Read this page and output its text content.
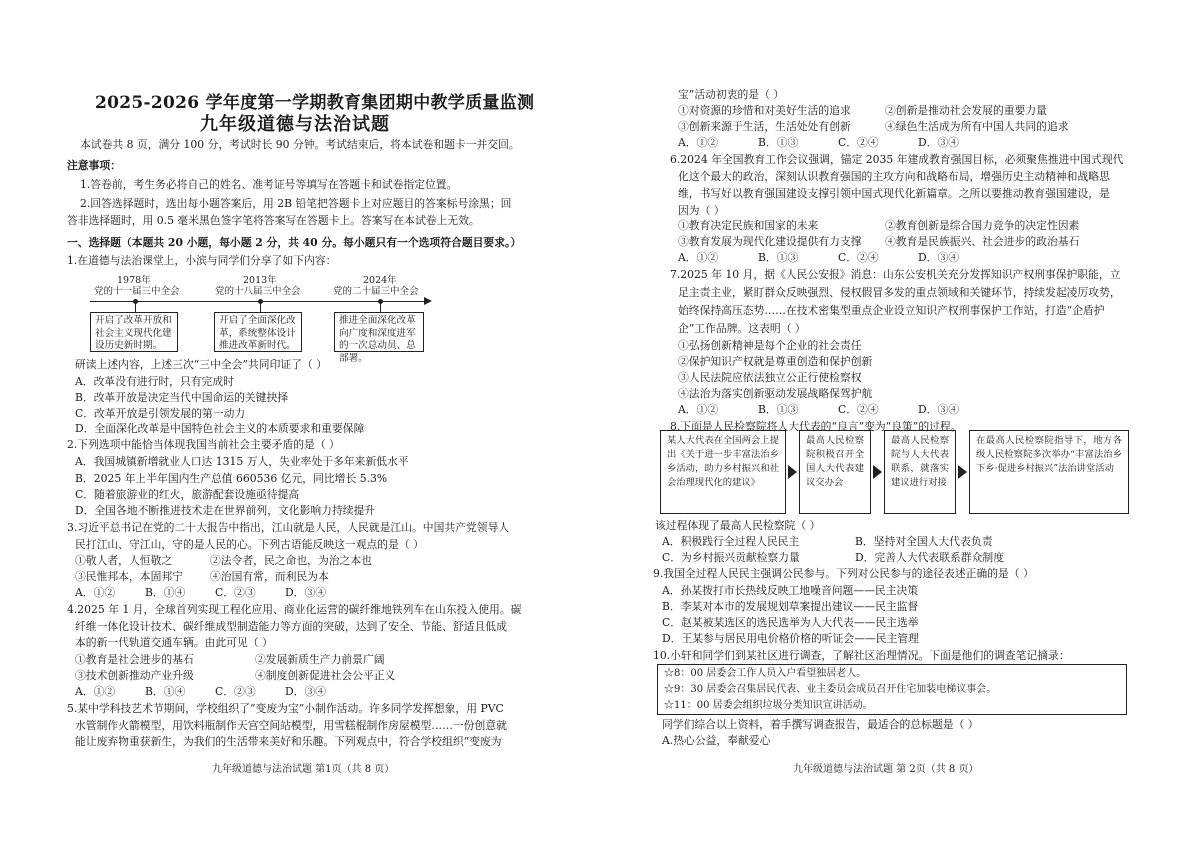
2025-2026 学年度第一学期教育集团期中教学质量监测
九年级道德与法治试题
本试卷共 8 页，满分 100 分，考试时长 90 分钟。考试结束后，将本试卷和题卡一并交回。
注意事项：
1.答卷前，考生务必将自己的姓名、准考证号等填写在答题卡和试卷指定位置。
2.回答选择题时，选出每小题答案后，用 2B 铅笔把答题卡上对应题目的答案标号涂黑；回
答非选择题时，用 0.5 毫米黑色签字笔将答案写在答题卡上。答案写在本试卷上无效。
一、选择题（本题共 20 小题，每小题 2 分，共 40 分。每小题只有一个选项符合题目要求。）
1.在道德与法治课堂上，小滨与同学们分享了如下内容：
1978年	2013年	2024年
党的十一届三中全会	党的十八届三中全会	党的二十届三中全会
开启了改革开放和社会主义现代化建设历史新时期。
开启了全面深化改革，系统整体设计推进改革新时代。
推进全面深化改革向广度和深度进军的一次总动员、总部署。
研读上述内容，上述三次“三中全会”共同印证了（ ）
A．改革没有进行时，只有完成时
B．改革开放是决定当代中国命运的关键抉择
C．改革开放是引领发展的第一动力
D．全面深化改革是中国特色社会主义的本质要求和重要保障
2.下列选项中能恰当体现我国当前社会主要矛盾的是（ ）
A．我国城镇新增就业人口达 1315 万人，失业率处于多年来新低水平
B．2025 年上半年国内生产总值 660536 亿元，同比增长 5.3%
C．随着旅游业的红火，旅游配套设施亟待提高
D．全国各地不断推进技术走在世界前列，文化影响力持续提升
3.习近平总书记在党的二十大报告中指出，江山就是人民，人民就是江山。中国共产党领导人
民打江山、守江山，守的是人民的心。下列古语能反映这一观点的是（ ）
①敬人者，人恒敬之	②法令者，民之命也，为治之本也
③民惟邦本，本固邦宁	④治国有常，而利民为本
A．①②	B．①④	C．②③	D．③④
4.2025 年 1 月，全球首列实现工程化应用、商业化运营的碳纤维地铁列车在山东投入使用。碳
纤维一体化设计技术、碳纤维成型制造能力等方面的突破，达到了安全、节能、舒适且低成
本的新一代轨道交通车辆。由此可见（ ）
①教育是社会进步的基石	②发展新质生产力前景广阔
③技术创新推动产业升级	④制度创新促进社会公平正义
A．①②	B．①④	C．②③	D．③④
5.某中学科技艺术节期间，学校组织了“变废为宝”小制作活动。许多同学发挥想象，用 PVC
水管制作火箭模型，用饮料瓶制作天宫空间站模型，用雪糕棍制作房屋模型……一份创意就
能让废弃物重获新生，为我们的生活带来美好和乐趣。下列观点中，符合学校组织“变废为
九年级道德与法治试题 第1页（共 8 页）
宝”活动初衷的是（ ）
①对资源的珍惜和对美好生活的追求	②创新是推动社会发展的重要力量
③创新来源于生活，生活处处有创新	④绿色生活成为所有中国人共同的追求
A．①②	B．①③	C．②④	D．③④
6.2024 年全国教育工作会议强调，锚定 2035 年建成教育强国目标，必须聚焦推进中国式现代
化这个最大的政治，深刻认识教育强国的主攻方向和战略布局，增强历史主动精神和战略思
维，书写好以教育强国建设支撑引领中国式现代化新篇章。之所以要推动教育强国建设，是
因为（ ）
①教育决定民族和国家的未来	②教育创新是综合国力竞争的决定性因素
③教育发展为现代化建设提供有力支撑 ④教育是民族振兴、社会进步的政治基石
A．①②	B．①③	C．②④	D．③④
7.2025 年 10 月，据《人民公安报》消息：山东公安机关充分发挥知识产权刑事保护职能，立
足主责主业，紧盯群众反映强烈、侵权假冒多发的重点领域和关键环节，持续发起凌厉攻势，
始终保持高压态势……在技术密集型重点企业设立知识产权刑事保护工作站，打造“企盾护
企”工作品牌。这表明（ ）
①弘扬创新精神是每个企业的社会责任
②保护知识产权就是尊重创造和保护创新
③人民法院应依法独立公正行使检察权
④法治为落实创新驱动发展战略保驾护航
A．①②	B．①③	C．②④	D．③④
8.下面是人民检察院将人大代表的“良言”变为“良策”的过程。
某人大代表在全国两会上提出《关于进一步丰富法治乡乡活动，助力乡村振兴和社会治理现代化的建议》
最高人民检察院积极召开全国人大代表建议交办会
最高人民检察院与人大代表联系，就落实建议进行对接
在最高人民检察院指导下，地方各级人民检察院多次举办“丰富法治乡下乡·促进乡村振兴”法治讲堂活动
该过程体现了最高人民检察院（ ）
A．积极践行全过程人民民主	B．坚持对全国人大代表负责
C．为乡村振兴贡献检察力量	D．完善人大代表联系群众制度
9.我国全过程人民民主强调公民参与。下列对公民参与的途径表述正确的是（ ）
A．孙某拨打市长热线反映工地噪音问题——民主决策
B．李某对本市的发展规划草案提出建议——民主监督
C．赵某被某选区的选民选举为人大代表——民主选举
D．王某参与居民用电价格价格的听证会——民主管理
10.小轩和同学们到某社区进行调查，了解社区治理情况。下面是他们的调查笔记摘录：
☆8：00 居委会工作人员入户看望独居老人。
☆9：30 居委会召集居民代表、业主委员会成员召开住宅加装电梯议事会。
☆11：00 居委会组织垃圾分类知识宣讲活动。
同学们综合以上资料，着手撰写调查报告，最适合的总标题是（ ）
A.热心公益，奉献爱心
九年级道德与法治试题 第 2页（共 8 页）
